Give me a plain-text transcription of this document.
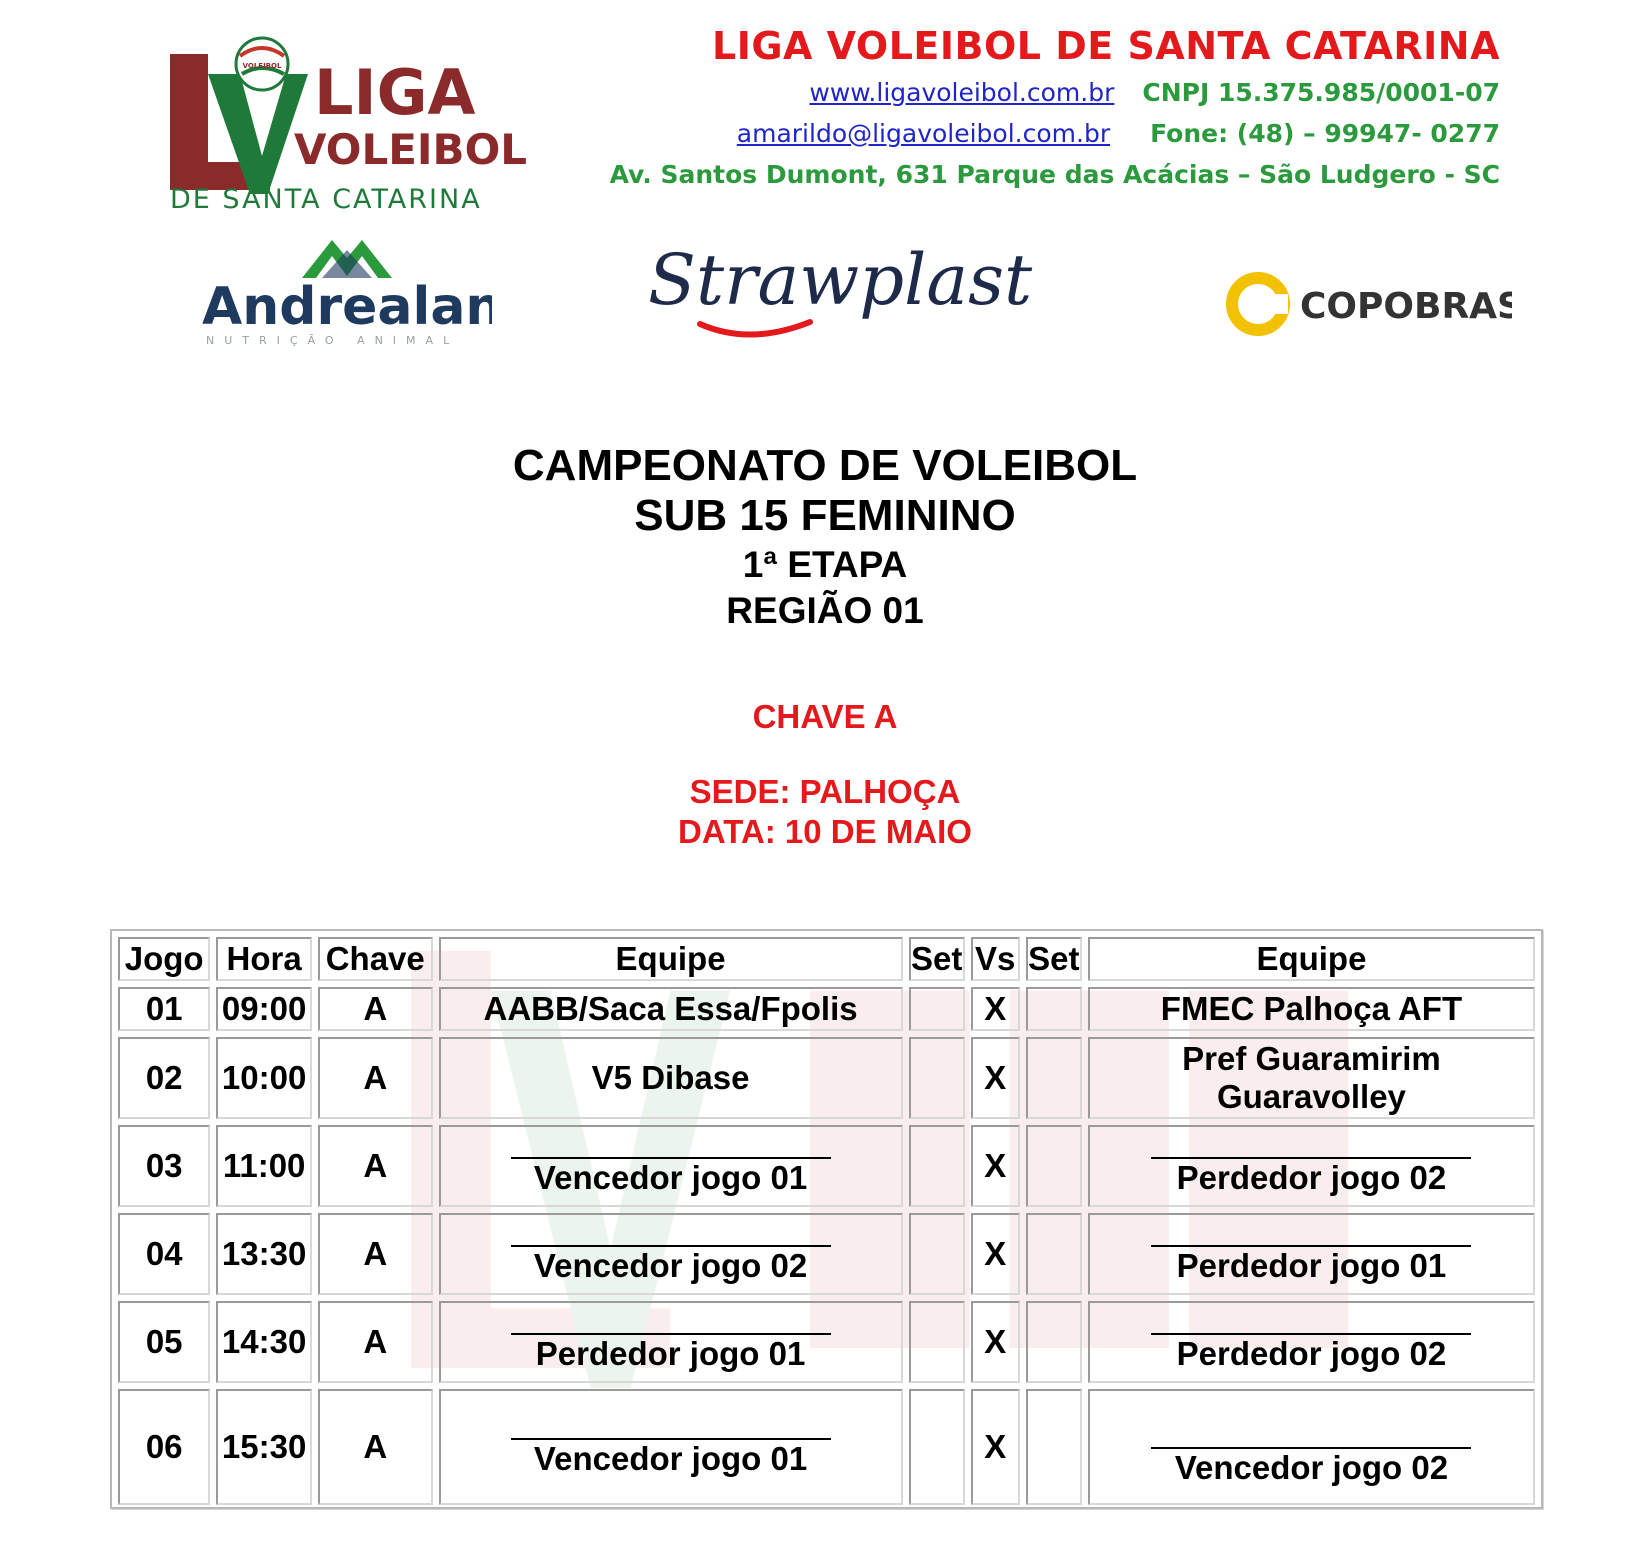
VOLEIBOL LIGA
VOLEIBOL
DE SANTA CATARINA
LIGA VOLEIBOL DE SANTA CATARINA
www.ligavoleibol.com.br CNPJ 15.375.985/0001-07
amarildo@ligavoleibol.com.br Fone: (48) – 99947- 0277
Av. Santos Dumont, 631 Parque das Acácias – São Ludgero - SC
Andrealan
NUTRIÇÃO ANIMAL
Strawplast	COPOBRAS
CAMPEONATO DE VOLEIBOL
SUB 15 FEMININO
1ª ETAPA
REGIÃO 01
CHAVE A
SEDE: PALHOÇA
DATA: 10 DE MAIO
Jogo	Hora	Chave	Equipe	Set	Vs	Set	Equipe
01	09:00	A	AABB/Saca Essa/Fpolis		X		FMEC Palhoça AFT
02	10:00	A	V5 Dibase		X		Pref Guaramirim
Guaravolley

03	11:00	A	Vencedor jogo 01		X		Perdedor jogo 02
04	13:30	A	Vencedor jogo 02		X		Perdedor jogo 01
05	14:30	A	Perdedor jogo 01		X		Perdedor jogo 02
06	15:30	A	Vencedor jogo 01		X		Vencedor jogo 02
